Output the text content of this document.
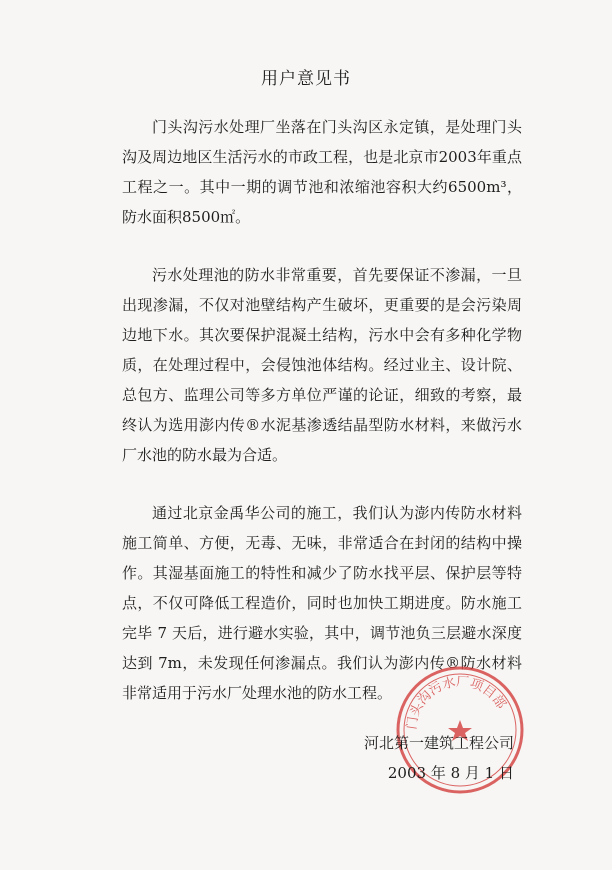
用户意见书

门头沟污水处理厂坐落在门头沟区永定镇，是处理门头沟及周边地区生活污水的市政工程，也是北京市2003年重点工程之一。其中一期的调节池和浓缩池容积大约6500m³，防水面积8500㎡。

污水处理池的防水非常重要，首先要保证不渗漏，一旦出现渗漏，不仅对池壁结构产生破坏，更重要的是会污染周边地下水。其次要保护混凝土结构，污水中会有多种化学物质，在处理过程中，会侵蚀池体结构。经过业主、设计院、总包方、监理公司等多方单位严谨的论证，细致的考察，最终认为选用澎内传®水泥基渗透结晶型防水材料，来做污水厂水池的防水最为合适。

通过北京金禹华公司的施工，我们认为澎内传防水材料施工简单、方便，无毒、无味，非常适合在封闭的结构中操作。其湿基面施工的特性和减少了防水找平层、保护层等特点，不仅可降低工程造价，同时也加快工期进度。防水施工完毕 7 天后，进行避水实验，其中，调节池负三层避水深度达到 7m，未发现任何渗漏点。我们认为澎内传®防水材料非常适用于污水厂处理水池的防水工程。

门头沟污水厂项目部
河北第一建筑工程公司
2003 年 8 月 1 日
